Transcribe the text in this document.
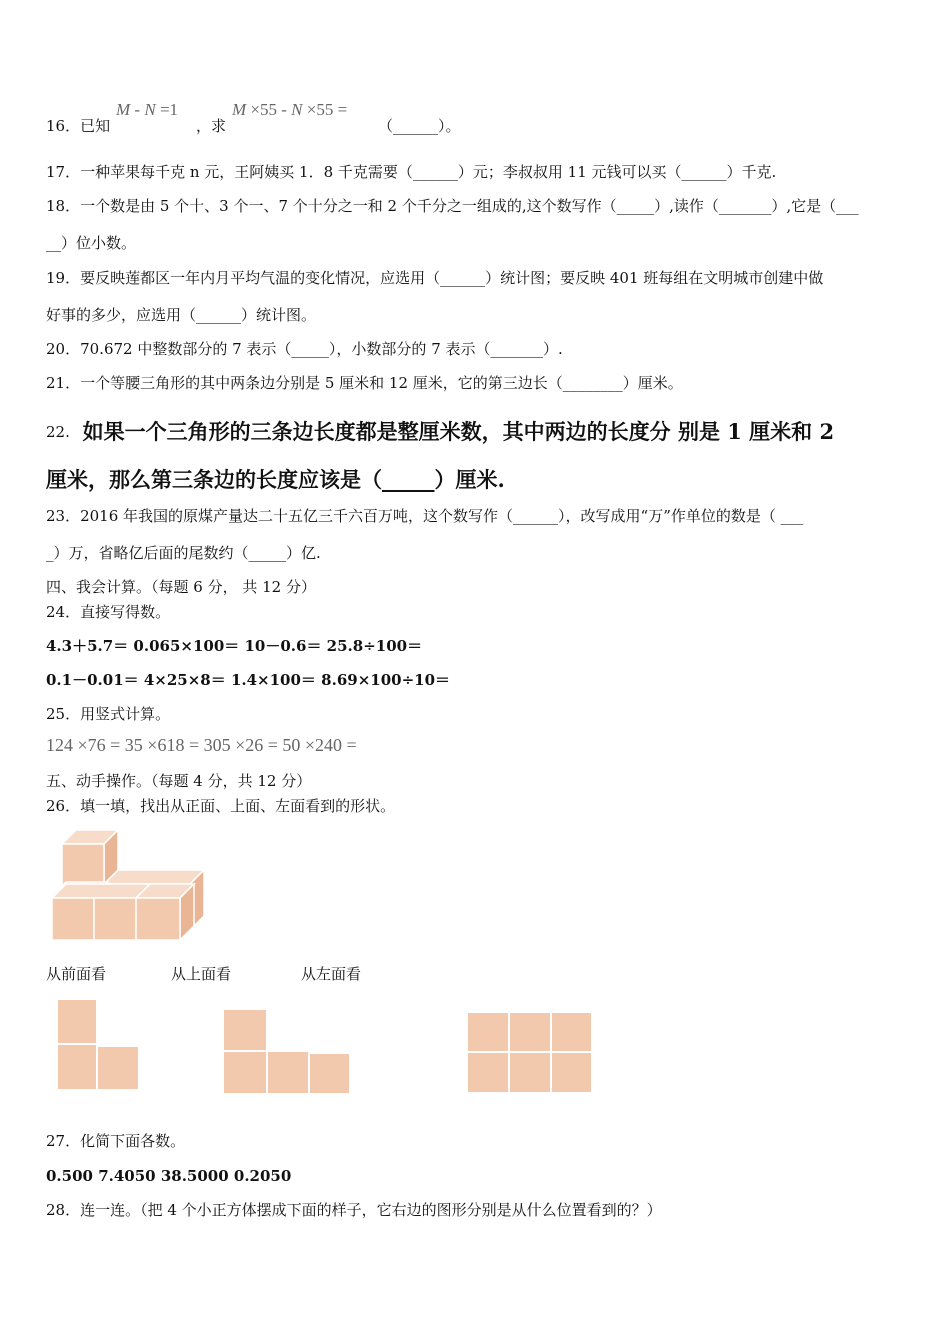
16．已知
M - N =1
，求
M ×55 - N ×55 =
（______）。
17．一种苹果每千克 n 元，王阿姨买 1．8 千克需要（______）元；李叔叔用 11 元钱可以买（______）千克.
18．一个数是由 5 个十、3 个一、7 个十分之一和 2 个千分之一组成的,这个数写作（_____）,读作（_______）,它是（___
__）位小数。
19．要反映莲都区一年内月平均气温的变化情况，应选用（______）统计图；要反映 401 班每组在文明城市创建中做
好事的多少，应选用（______）统计图。
20．70.672 中整数部分的 7 表示（_____），小数部分的 7 表示（_______）.
21．一个等腰三角形的其中两条边分别是 5 厘米和 12 厘米，它的第三边长（________）厘米。
22. 如果一个三角形的三条边长度都是整厘米数，其中两边的长度分 别是 1 厘米和 2
厘米，那么第三条边的长度应该是（_____）厘米.
23．2016 年我国的原煤产量达二十五亿三千六百万吨，这个数写作（______），改写成用“万”作单位的数是（ ___
_）万，省略亿后面的尾数约（_____）亿.
四、我会计算。（每题 6 分， 共 12 分）
24．直接写得数。
4.3＋5.7＝ 0.065×100＝ 10－0.6＝ 25.8÷100＝
0.1－0.01＝ 4×25×8＝ 1.4×100＝ 8.69×100÷10＝
25．用竖式计算。
124 ×76 = 35 ×618 = 305 ×26 = 50 ×240 =
五、动手操作。（每题 4 分，共 12 分）
26．填一填，找出从正面、上面、左面看到的形状。
从前面看	从上面看	从左面看
27．化简下面各数。
0.500 7.4050 38.5000 0.2050
28．连一连。（把 4 个小正方体摆成下面的样子，它右边的图形分别是从什么位置看到的？）
